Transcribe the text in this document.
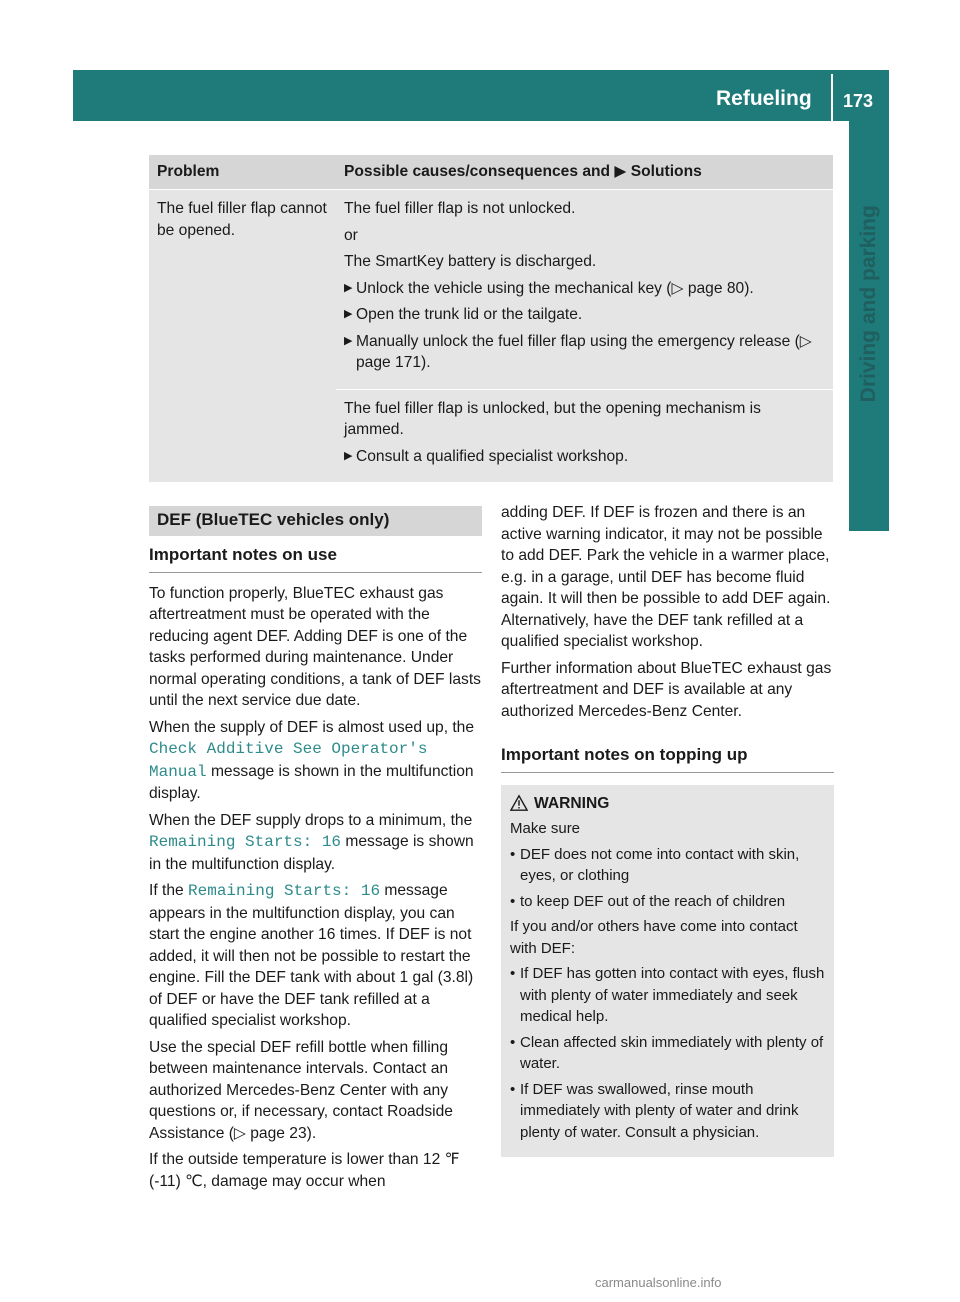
Refueling 173
Driving and parking
Problem	Possible causes/consequences and ▶ Solutions
The fuel filler flap cannot be opened.

The fuel filler flap is not unlocked.

or

The SmartKey battery is discharged.

▶ Unlock the vehicle using the mechanical key (▷ page 80).
▶ Open the trunk lid or the tailgate.
▶ Manually unlock the fuel filler flap using the emergency release (▷ page 171).

The fuel filler flap is unlocked, but the opening mechanism is jammed.

▶ Consult a qualified specialist workshop.
DEF (BlueTEC vehicles only)
Important notes on use

To function properly, BlueTEC exhaust gas aftertreatment must be operated with the reducing agent DEF. Adding DEF is one of the tasks performed during maintenance. Under normal operating conditions, a tank of DEF lasts until the next service due date.

When the supply of DEF is almost used up, the Check Additive See Operator's Manual message is shown in the multifunction display.

When the DEF supply drops to a minimum, the Remaining Starts: 16 message is shown in the multifunction display.

If the Remaining Starts: 16 message appears in the multifunction display, you can start the engine another 16 times. If DEF is not added, it will then not be possible to restart the engine. Fill the DEF tank with about 1 gal (3.8l) of DEF or have the DEF tank refilled at a qualified specialist workshop.

Use the special DEF refill bottle when filling between maintenance intervals. Contact an authorized Mercedes-Benz Center with any questions or, if necessary, contact Roadside Assistance (▷ page 23).

If the outside temperature is lower than 12 ℉ (‑11) ℃, damage may occur when

adding DEF. If DEF is frozen and there is an active warning indicator, it may not be possible to add DEF. Park the vehicle in a warmer place, e.g. in a garage, until DEF has become fluid again. It will then be possible to add DEF again. Alternatively, have the DEF tank refilled at a qualified specialist workshop.

Further information about BlueTEC exhaust gas aftertreatment and DEF is available at any authorized Mercedes-Benz Center.

Important notes on topping up
WARNING

Make sure

• DEF does not come into contact with skin, eyes, or clothing
• to keep DEF out of the reach of children

If you and/or others have come into contact with DEF:

• If DEF has gotten into contact with eyes, flush with plenty of water immediately and seek medical help.
• Clean affected skin immediately with plenty of water.
• If DEF was swallowed, rinse mouth immediately with plenty of water and drink plenty of water. Consult a physician.
carmanualsonline.info
